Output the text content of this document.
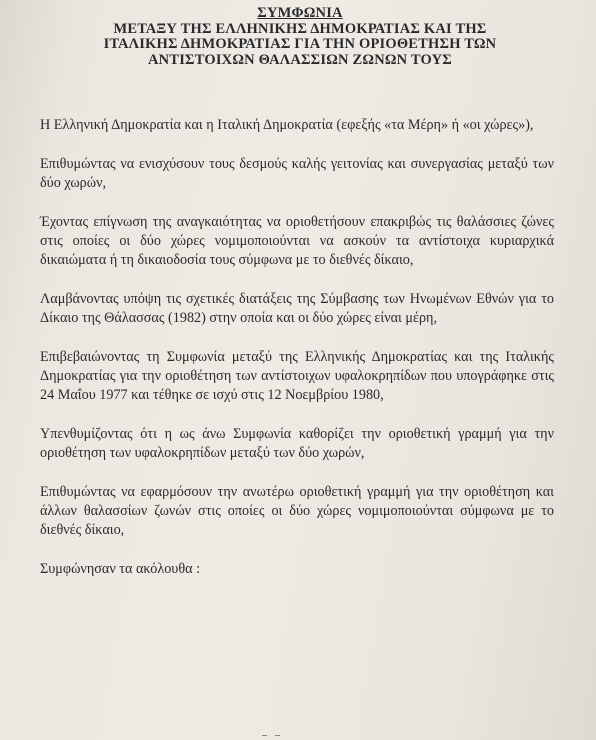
ΣΥΜΦΩΝΙΑ
ΜΕΤΑΞΥ ΤΗΣ ΕΛΛΗΝΙΚΗΣ ΔΗΜΟΚΡΑΤΙΑΣ ΚΑΙ ΤΗΣ
ΙΤΑΛΙΚΗΣ ΔΗΜΟΚΡΑΤΙΑΣ ΓΙΑ ΤΗΝ ΟΡΙΟΘΕΤΗΣΗ ΤΩΝ
ΑΝΤΙΣΤΟΙΧΩΝ ΘΑΛΑΣΣΙΩΝ ΖΩΝΩΝ ΤΟΥΣ

Η Ελληνική Δημοκρατία και η Ιταλική Δημοκρατία (εφεξής «τα Μέρη» ή «οι χώρες»),

Επιθυμώντας να ενισχύσουν τους δεσμούς καλής γειτονίας και συνεργασίας μεταξύ των δύο χωρών,

Έχοντας επίγνωση της αναγκαιότητας να οριοθετήσουν επακριβώς τις θαλάσσιες ζώνες στις οποίες οι δύο χώρες νομιμοποιούνται να ασκούν τα αντίστοιχα κυριαρχικά δικαιώματα ή τη δικαιοδοσία τους σύμφωνα με το διεθνές δίκαιο,

Λαμβάνοντας υπόψη τις σχετικές διατάξεις της Σύμβασης των Ηνωμένων Εθνών για το Δίκαιο της Θάλασσας (1982) στην οποία και οι δύο χώρες είναι μέρη,

Επιβεβαιώνοντας τη Συμφωνία μεταξύ της Ελληνικής Δημοκρατίας και της Ιταλικής Δημοκρατίας για την οριοθέτηση των αντίστοιχων υφαλοκρηπίδων που υπογράφηκε στις 24 Μαΐου 1977 και τέθηκε σε ισχύ στις 12 Νοεμβρίου 1980,

Υπενθυμίζοντας ότι η ως άνω Συμφωνία καθορίζει την οριοθετική γραμμή για την οριοθέτηση των υφαλοκρηπίδων μεταξύ των δύο χωρών,

Επιθυμώντας να εφαρμόσουν την ανωτέρω οριοθετική γραμμή για την οριοθέτηση και άλλων θαλασσίων ζωνών στις οποίες οι δύο χώρες νομιμοποιούνται σύμφωνα με το διεθνές δίκαιο,

Συμφώνησαν τα ακόλουθα :
